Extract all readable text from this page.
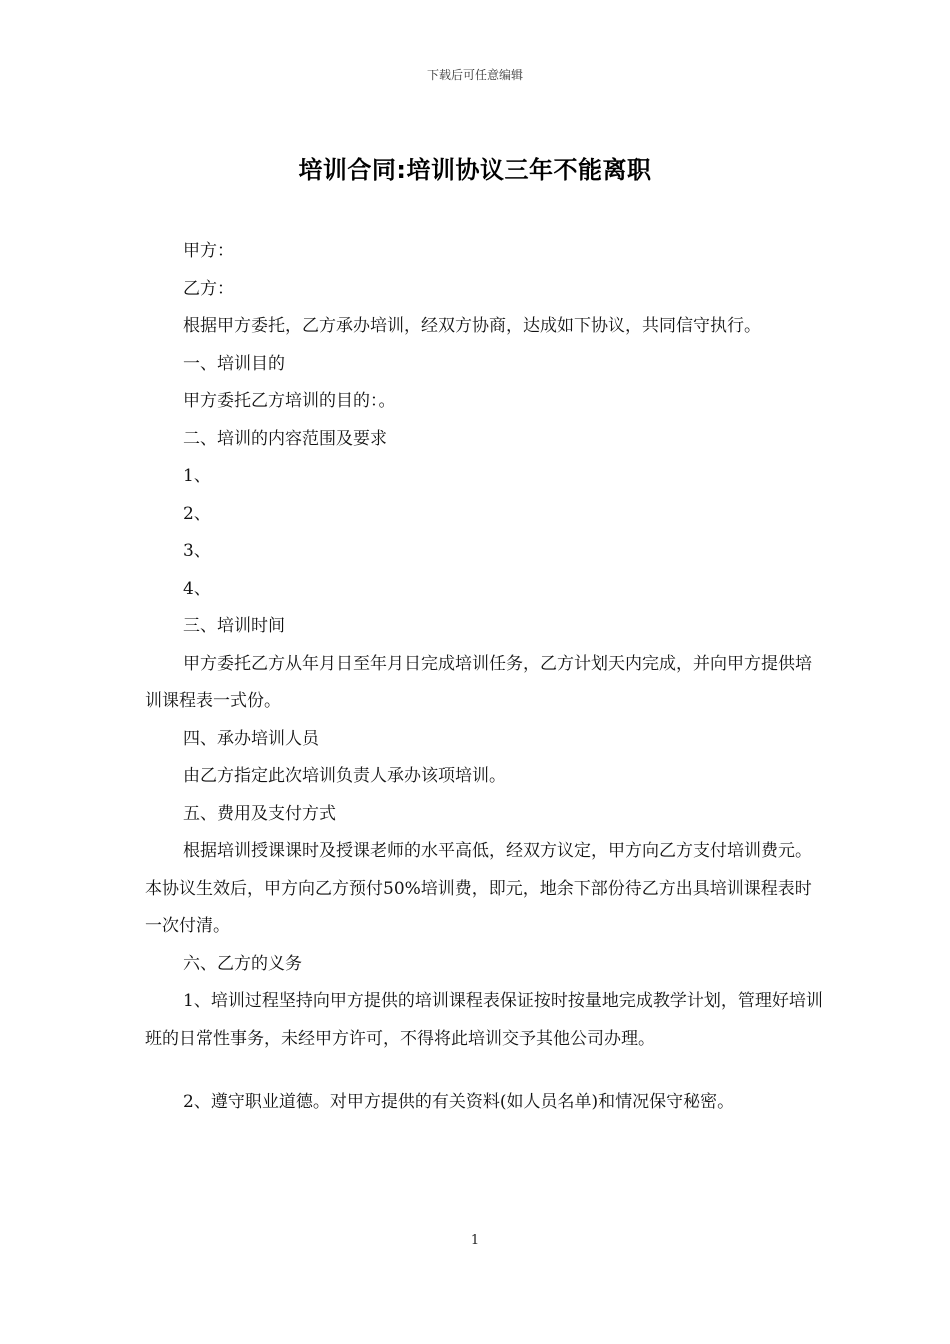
下载后可任意编辑
培训合同:培训协议三年不能离职

甲方：

乙方：

根据甲方委托，乙方承办培训，经双方协商，达成如下协议，共同信守执行。

一、培训目的

甲方委托乙方培训的目的：。

二、培训的内容范围及要求

1、

2、

3、

4、

三、培训时间

甲方委托乙方从年月日至年月日完成培训任务，乙方计划天内完成，并向甲方提供培训课程表一式份。

四、承办培训人员

由乙方指定此次培训负责人承办该项培训。

五、费用及支付方式

根据培训授课课时及授课老师的水平高低，经双方议定，甲方向乙方支付培训费元。本协议生效后，甲方向乙方预付50%培训费，即元，地余下部份待乙方出具培训课程表时一次付清。

六、乙方的义务

1、培训过程坚持向甲方提供的培训课程表保证按时按量地完成教学计划，管理好培训班的日常性事务，未经甲方许可，不得将此培训交予其他公司办理。

2、遵守职业道德。对甲方提供的有关资料(如人员名单)和情况保守秘密。

1
